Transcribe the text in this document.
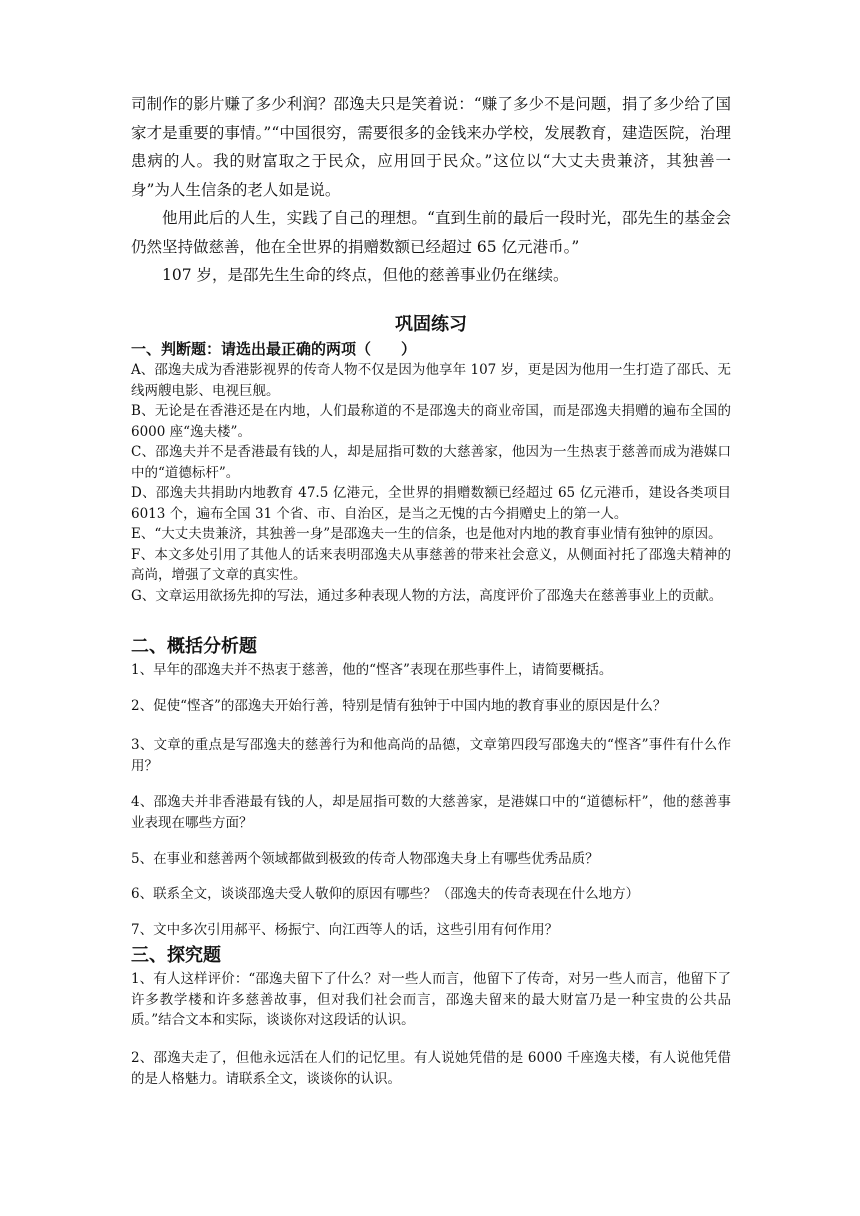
司制作的影片赚了多少利润？邵逸夫只是笑着说：“赚了多少不是问题，捐了多少给了国家才是重要的事情。”“中国很穷，需要很多的金钱来办学校，发展教育，建造医院，治理患病的人。我的财富取之于民众，应用回于民众。”这位以“大丈夫贵兼济，其独善一身”为人生信条的老人如是说。

他用此后的人生，实践了自己的理想。“直到生前的最后一段时光，邵先生的基金会仍然坚持做慈善，他在全世界的捐赠数额已经超过 65 亿元港币。”

107 岁，是邵先生生命的终点，但他的慈善事业仍在继续。

巩固练习
一、判断题：请选出最正确的两项（　　）

A、邵逸夫成为香港影视界的传奇人物不仅是因为他享年 107 岁，更是因为他用一生打造了邵氏、无线两艘电影、电视巨舰。

B、无论是在香港还是在内地，人们最称道的不是邵逸夫的商业帝国，而是邵逸夫捐赠的遍布全国的 6000 座“逸夫楼”。

C、邵逸夫并不是香港最有钱的人，却是屈指可数的大慈善家，他因为一生热衷于慈善而成为港媒口中的“道德标杆”。

D、邵逸夫共捐助内地教育 47.5 亿港元，全世界的捐赠数额已经超过 65 亿元港币，建设各类项目 6013 个，遍布全国 31 个省、市、自治区，是当之无愧的古今捐赠史上的第一人。

E、“大丈夫贵兼济，其独善一身”是邵逸夫一生的信条，也是他对内地的教育事业情有独钟的原因。

F、本文多处引用了其他人的话来表明邵逸夫从事慈善的带来社会意义，从侧面衬托了邵逸夫精神的高尚，增强了文章的真实性。

G、文章运用欲扬先抑的写法，通过多种表现人物的方法，高度评价了邵逸夫在慈善事业上的贡献。

二、概括分析题

1、早年的邵逸夫并不热衷于慈善，他的“悭吝”表现在那些事件上，请简要概括。

2、促使“悭吝”的邵逸夫开始行善，特别是情有独钟于中国内地的教育事业的原因是什么？

3、文章的重点是写邵逸夫的慈善行为和他高尚的品德，文章第四段写邵逸夫的“悭吝”事件有什么作用？

4、邵逸夫并非香港最有钱的人，却是屈指可数的大慈善家，是港媒口中的“道德标杆”，他的慈善事业表现在哪些方面？

5、在事业和慈善两个领域都做到极致的传奇人物邵逸夫身上有哪些优秀品质？

6、联系全文，谈谈邵逸夫受人敬仰的原因有哪些？（邵逸夫的传奇表现在什么地方）

7、文中多次引用郝平、杨振宁、向江西等人的话，这些引用有何作用？

三、探究题

1、有人这样评价：“邵逸夫留下了什么？对一些人而言，他留下了传奇，对另一些人而言，他留下了许多教学楼和许多慈善故事，但对我们社会而言，邵逸夫留来的最大财富乃是一种宝贵的公共品质。”结合文本和实际，谈谈你对这段话的认识。

2、邵逸夫走了，但他永远活在人们的记忆里。有人说她凭借的是 6000 千座逸夫楼，有人说他凭借的是人格魅力。请联系全文，谈谈你的认识。
